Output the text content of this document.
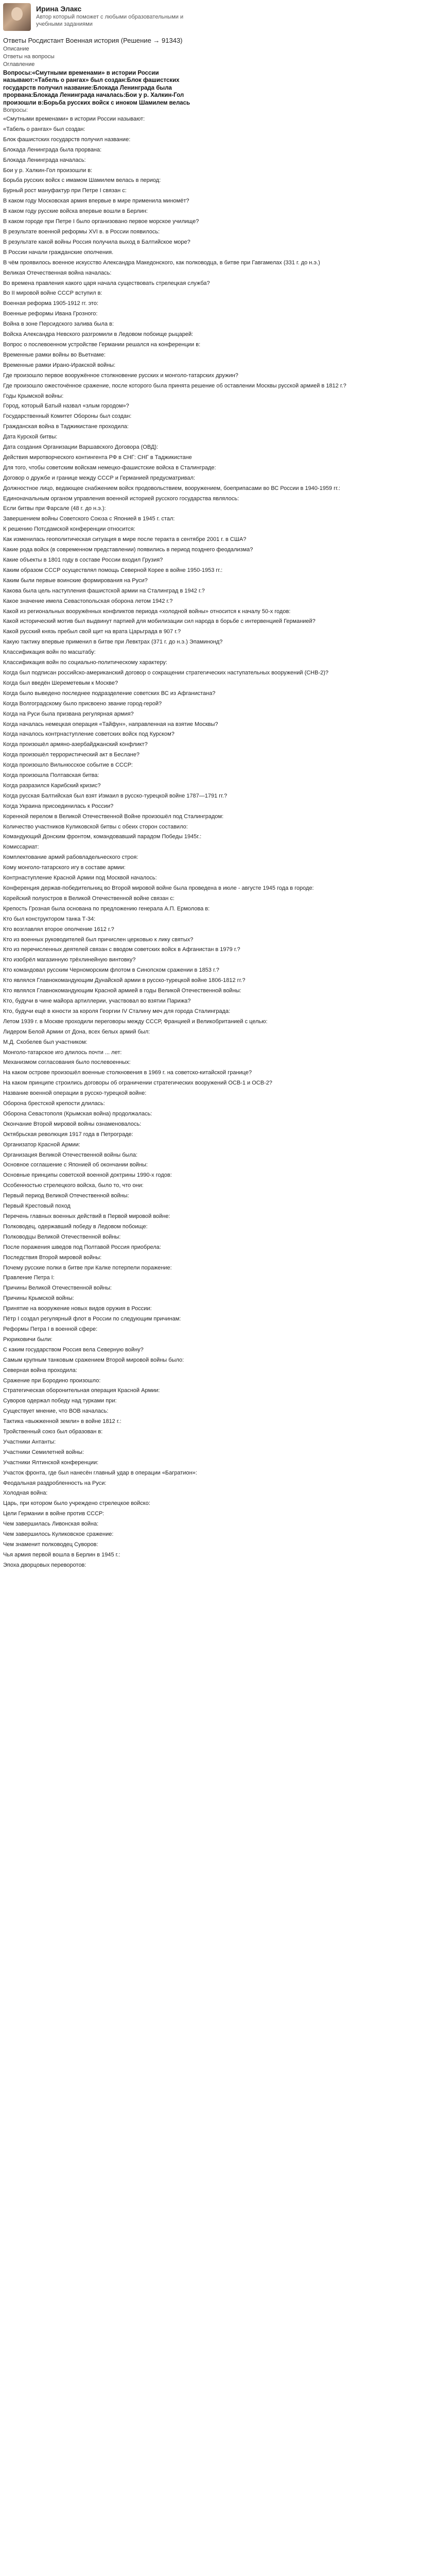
Ирина Элакс
Автор который поможет с любыми образовательными и учебными заданиями
Ответы Росдистант Военная история (Решение → 91343)
Описание
Ответы на вопросы
Оглавление
Вопросы:«Смутными временами» в истории России
называют:«Табель о рангах» был создан:Блок фашистских
государств получил название:Блокада Ленинграда была
прорвана:Блокада Ленинграда началась:Бои у р. Халкин-Гол
произошли в:Борьба русских войск с иноком Шамилем велась
Вопросы:
«Смутными временами» в истории России называют:
«Табель о рангах» был создан:
Блок фашистских государств получил название:
Блокада Ленинграда была прорвана:
Блокада Ленинграда началась:
Бои у р. Халкин-Гол произошли в:
Борьба русских войск с имамом Шамилем велась в период:
Бурный рост мануфактур при Петре I связан с:
В каком году Московская армия впервые в мире применила миномёт?
В каком году русские войска впервые вошли в Берлин:
В каком городе при Петре I было организовано первое морское училище?
В результате военной реформы XVI в. в России появилось:
В результате какой войны Россия получила выход в Балтийское море?
В России начали гражданские ополчения.
В чём проявилось военное искусство Александра Македонского, как полководца, в битве при Гавгамелах (331 г. до н.э.)
Великая Отечественная война началась:
Во времена правления какого царя начала существовать стрелецкая служба?
Во II мировой войне СССР вступил в:
Военная реформа 1905-1912 гг. это:
Военные реформы Ивана Грозного:
Война в зоне Персидского залива была в:
Войска Александра Невского разгромили в Ледовом побоище рыцарей:
Вопрос о послевоенном устройстве Германии решался на конференции в:
Временные рамки войны во Вьетнаме:
Временные рамки Ирано-Иракской войны:
Где произошло первое вооружённое столкновение русских и монголо-татарских дружин?
Где произошло ожесточённое сражение, после которого была принята решение об оставлении Москвы русской армией в 1812 г.?
Годы Крымской войны:
Город, который Батый назвал «злым городом»?
Государственный Комитет Обороны был создан:
Гражданская война в Таджикистане проходила:
Дата Курской битвы:
Дата создания Организации Варшавского Договора (ОВД):
Действия миротворческого контингента РФ в СНГ: СНГ в Таджикистане
Для того, чтобы советским войскам немецко-фашистские войска в Сталинграде:
Договор о дружбе и границе между СССР и Германией предусматривал:
Должностное лицо, ведающее снабжением войск продовольствием, вооружением, боеприпасами во ВС России в 1940-1959 гг.:
Единоначальным органом управления военной историей русского государства являлось:
Если битвы при Фарсале (48 г. до н.э.):
Завершением войны Советского Союза с Японией в 1945 г. стал:
К решению Потсдамской конференции относится:
Как изменилась геополитическая ситуация в мире после теракта в сентябре 2001 г. в США?
Какие рода войск (в современном представлении) появились в период позднего феодализма?
Какие объекты в 1801 году в составе России входил Грузия?
Каким образом СССР осуществлял помощь Северной Корее в войне 1950-1953 гг.:
Каким были первые воинские формирования на Руси?
Какова была цель наступления фашистской армии на Сталинград в 1942 г.?
Какое значение имела Севастопольская оборона летом 1942 г.?
Какой из региональных вооружённых конфликтов периода «холодной войны» относится к началу 50-х годов:
Какой исторический мотив был выдвинут партией для мобилизации сил народа в борьбе с интервенцией Германией?
Какой русский князь пребыл свой щит на врата Царьграда в 907 г.?
Какую тактику впервые применил в битве при Левктрах (371 г. до н.э.) Эпаминонд?
Классификация войн по масштабу:
Классификация войн по социально-политическому характеру:
Когда был подписан российско-американский договор о сокращении стратегических наступательных вооружений (СНВ-2)?
Когда был введён Шереметевым к Москве?
Когда было выведено последнее подразделение советских ВС из Афганистана?
Когда Волгоградскому было присвоено звание город-герой?
Когда на Руси была призвана регулярная армия?
Когда началась немецкая операция «Тайфун», направленная на взятие Москвы?
Когда началось контрнаступление советских войск под Курском?
Когда произошёл армяно-азербайджанский конфликт?
Когда произошёл террористический акт в Беслане?
Когда произошло Вильнюсское событие в СССР:
Когда произошла Полтавская битва:
Когда разразился Карибский кризис?
Когда русская Балтийская был взят Измаил в русско-турецкой войне 1787—1791 гг.?
Когда Украина присоединилась к России?
Коренной перелом в Великой Отечественной Войне произошёл под Сталинградом:
Количество участников Куликовской битвы с обеих сторон составило:
Командующий Донским фронтом, командовавший парадом Победы 1945г.:
Комиссариат:
Комплектование армий рабовладельческого строя:
Кому монголо-татарского игу в составе армии:
Контрнаступление Красной Армии под Москвой началось:
Конференция держав-победительниц во Второй мировой войне была проведена в июле - августе 1945 года в городе:
Корейский полуостров в Великой Отечественной войне связан с:
Крепость Грозная была основана по предложению генерала А.П. Ермолова в:
Кто был конструктором танка Т-34:
Кто возглавлял второе ополчение 1612 г.?
Кто из военных руководителей был причислен церковью к лику святых?
Кто из перечисленных деятелей связан с вводом советских войск в Афганистан в 1979 г.?
Кто изобрёл магазинную трёхлинейную винтовку?
Кто командовал русским Черноморским флотом в Синопском сражении в 1853 г.?
Кто являлся Главнокомандующим Дунайской армии в русско-турецкой войне 1806-1812 гг.?
Кто являлся Главнокомандующим Красной армией в годы Великой Отечественной войны:
Кто, будучи в чине майора артиллерии, участвовал во взятии Парижа?
Кто, будучи ещё в юности за короля Георгии IV Сталину меч для города Сталинграда:
Летом 1939 г. в Москве проходили переговоры между СССР, Францией и Великобританией с целью:
Лидером Белой Армии от Дона, всех белых армий был:
М.Д. Скобелев был участником:
Монголо-татарское иго длилось почти ... лет:
Механизмом согласования было послевоенных:
На каком острове произошёл военные столкновения в 1969 г. на советско-китайской границе?
На каком принципе строились договоры об ограничении стратегических вооружений ОСВ-1 и ОСВ-2?
Название военной операции в русско-турецкой войне:
Оборона брестской крепости длилась:
Оборона Севастополя (Крымская война) продолжалась:
Окончание Второй мировой войны ознаменовалось:
Октябрьская революция 1917 года в Петрограде:
Организатор Красной Армии:
Организация Великой Отечественной войны была:
Основное соглашение с Японией об окончании войны:
Основные принципы советской военной доктрины 1990-х годов:
Особенностью стрелецкого войска, было то, что они:
Первый период Великой Отечественной войны:
Первый Крестовый поход
Перечень главных военных действий в Первой мировой войне:
Полководец, одержавший победу в Ледовом побоище:
Полководцы Великой Отечественной войны:
После поражения шведов под Полтавой Россия приобрела:
Последствия Второй мировой войны:
Почему русские полки в битве при Калке потерпели поражение:
Правление Петра I:
Причины Великой Отечественной войны:
Причины Крымской войны:
Принятие на вооружение новых видов оружия в России:
Пётр I создал регулярный флот в России по следующим причинам:
Реформы Петра I в военной сфере:
Рюриковичи были:
С каким государством Россия вела Северную войну?
Самым крупным танковым сражением Второй мировой войны было:
Северная война проходила:
Сражение при Бородино произошло:
Стратегическая оборонительная операция Красной Армии:
Суворов одержал победу над турками при:
Существует мнение, что ВОВ началась:
Тактика «выжженной земли» в войне 1812 г.:
Тройственный союз был образован в:
Участники Антанты:
Участники Семилетней войны:
Участники Ялтинской конференции:
Участок фронта, где был нанесён главный удар в операции «Багратион»:
Феодальная раздробленность на Руси:
Холодная война:
Царь, при котором было учреждено стрелецкое войско:
Цели Германии в войне против СССР:
Чем завершилась Ливонская война:
Чем завершилось Куликовское сражение:
Чем знаменит полководец Суворов:
Чья армия первой вошла в Берлин в 1945 г.:
Эпоха дворцовых переворотов:
